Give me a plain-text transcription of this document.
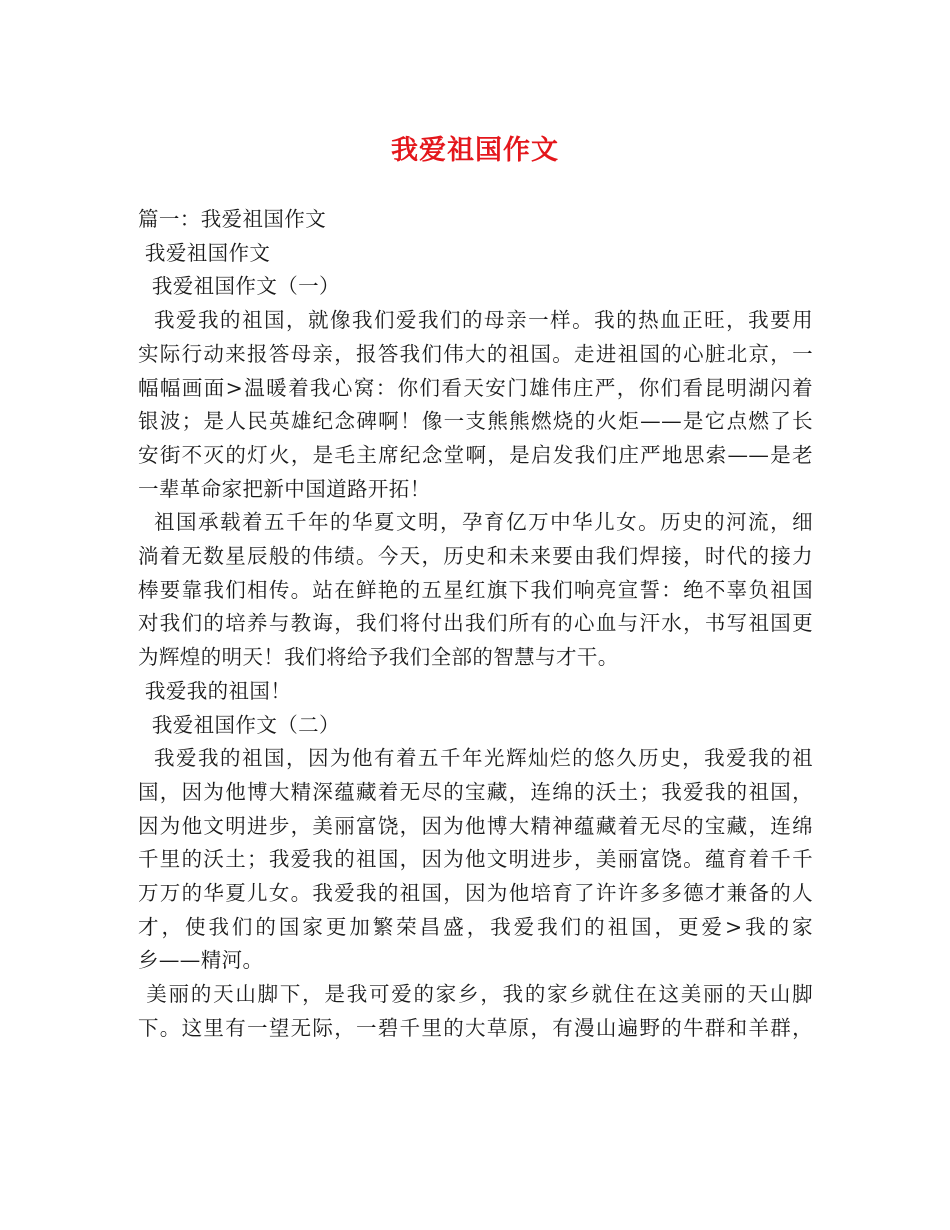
我爱祖国作文
篇一：我爱祖国作文
我爱祖国作文
我爱祖国作文（一）
我爱我的祖国，就像我们爱我们的母亲一样。我的热血正旺，我要用
实际行动来报答母亲，报答我们伟大的祖国。走进祖国的心脏北京，一
幅幅画面>温暖着我心窝：你们看天安门雄伟庄严，你们看昆明湖闪着
银波；是人民英雄纪念碑啊！像一支熊熊燃烧的火炬——是它点燃了长
安街不灭的灯火，是毛主席纪念堂啊，是启发我们庄严地思索——是老
一辈革命家把新中国道路开拓！
祖国承载着五千年的华夏文明，孕育亿万中华儿女。历史的河流，细
淌着无数星辰般的伟绩。今天，历史和未来要由我们焊接，时代的接力
棒要靠我们相传。站在鲜艳的五星红旗下我们响亮宣誓：绝不辜负祖国
对我们的培养与教诲，我们将付出我们所有的心血与汗水，书写祖国更
为辉煌的明天！我们将给予我们全部的智慧与才干。
我爱我的祖国！
我爱祖国作文（二）
我爱我的祖国，因为他有着五千年光辉灿烂的悠久历史，我爱我的祖
国，因为他博大精深蕴藏着无尽的宝藏，连绵的沃土；我爱我的祖国，
因为他文明进步，美丽富饶，因为他博大精神蕴藏着无尽的宝藏，连绵
千里的沃土；我爱我的祖国，因为他文明进步，美丽富饶。蕴育着千千
万万的华夏儿女。我爱我的祖国，因为他培育了许许多多德才兼备的人
才，使我们的国家更加繁荣昌盛，我爱我们的祖国，更爱>我的家
乡——精河。
美丽的天山脚下，是我可爱的家乡，我的家乡就住在这美丽的天山脚
下。这里有一望无际，一碧千里的大草原，有漫山遍野的牛群和羊群，
